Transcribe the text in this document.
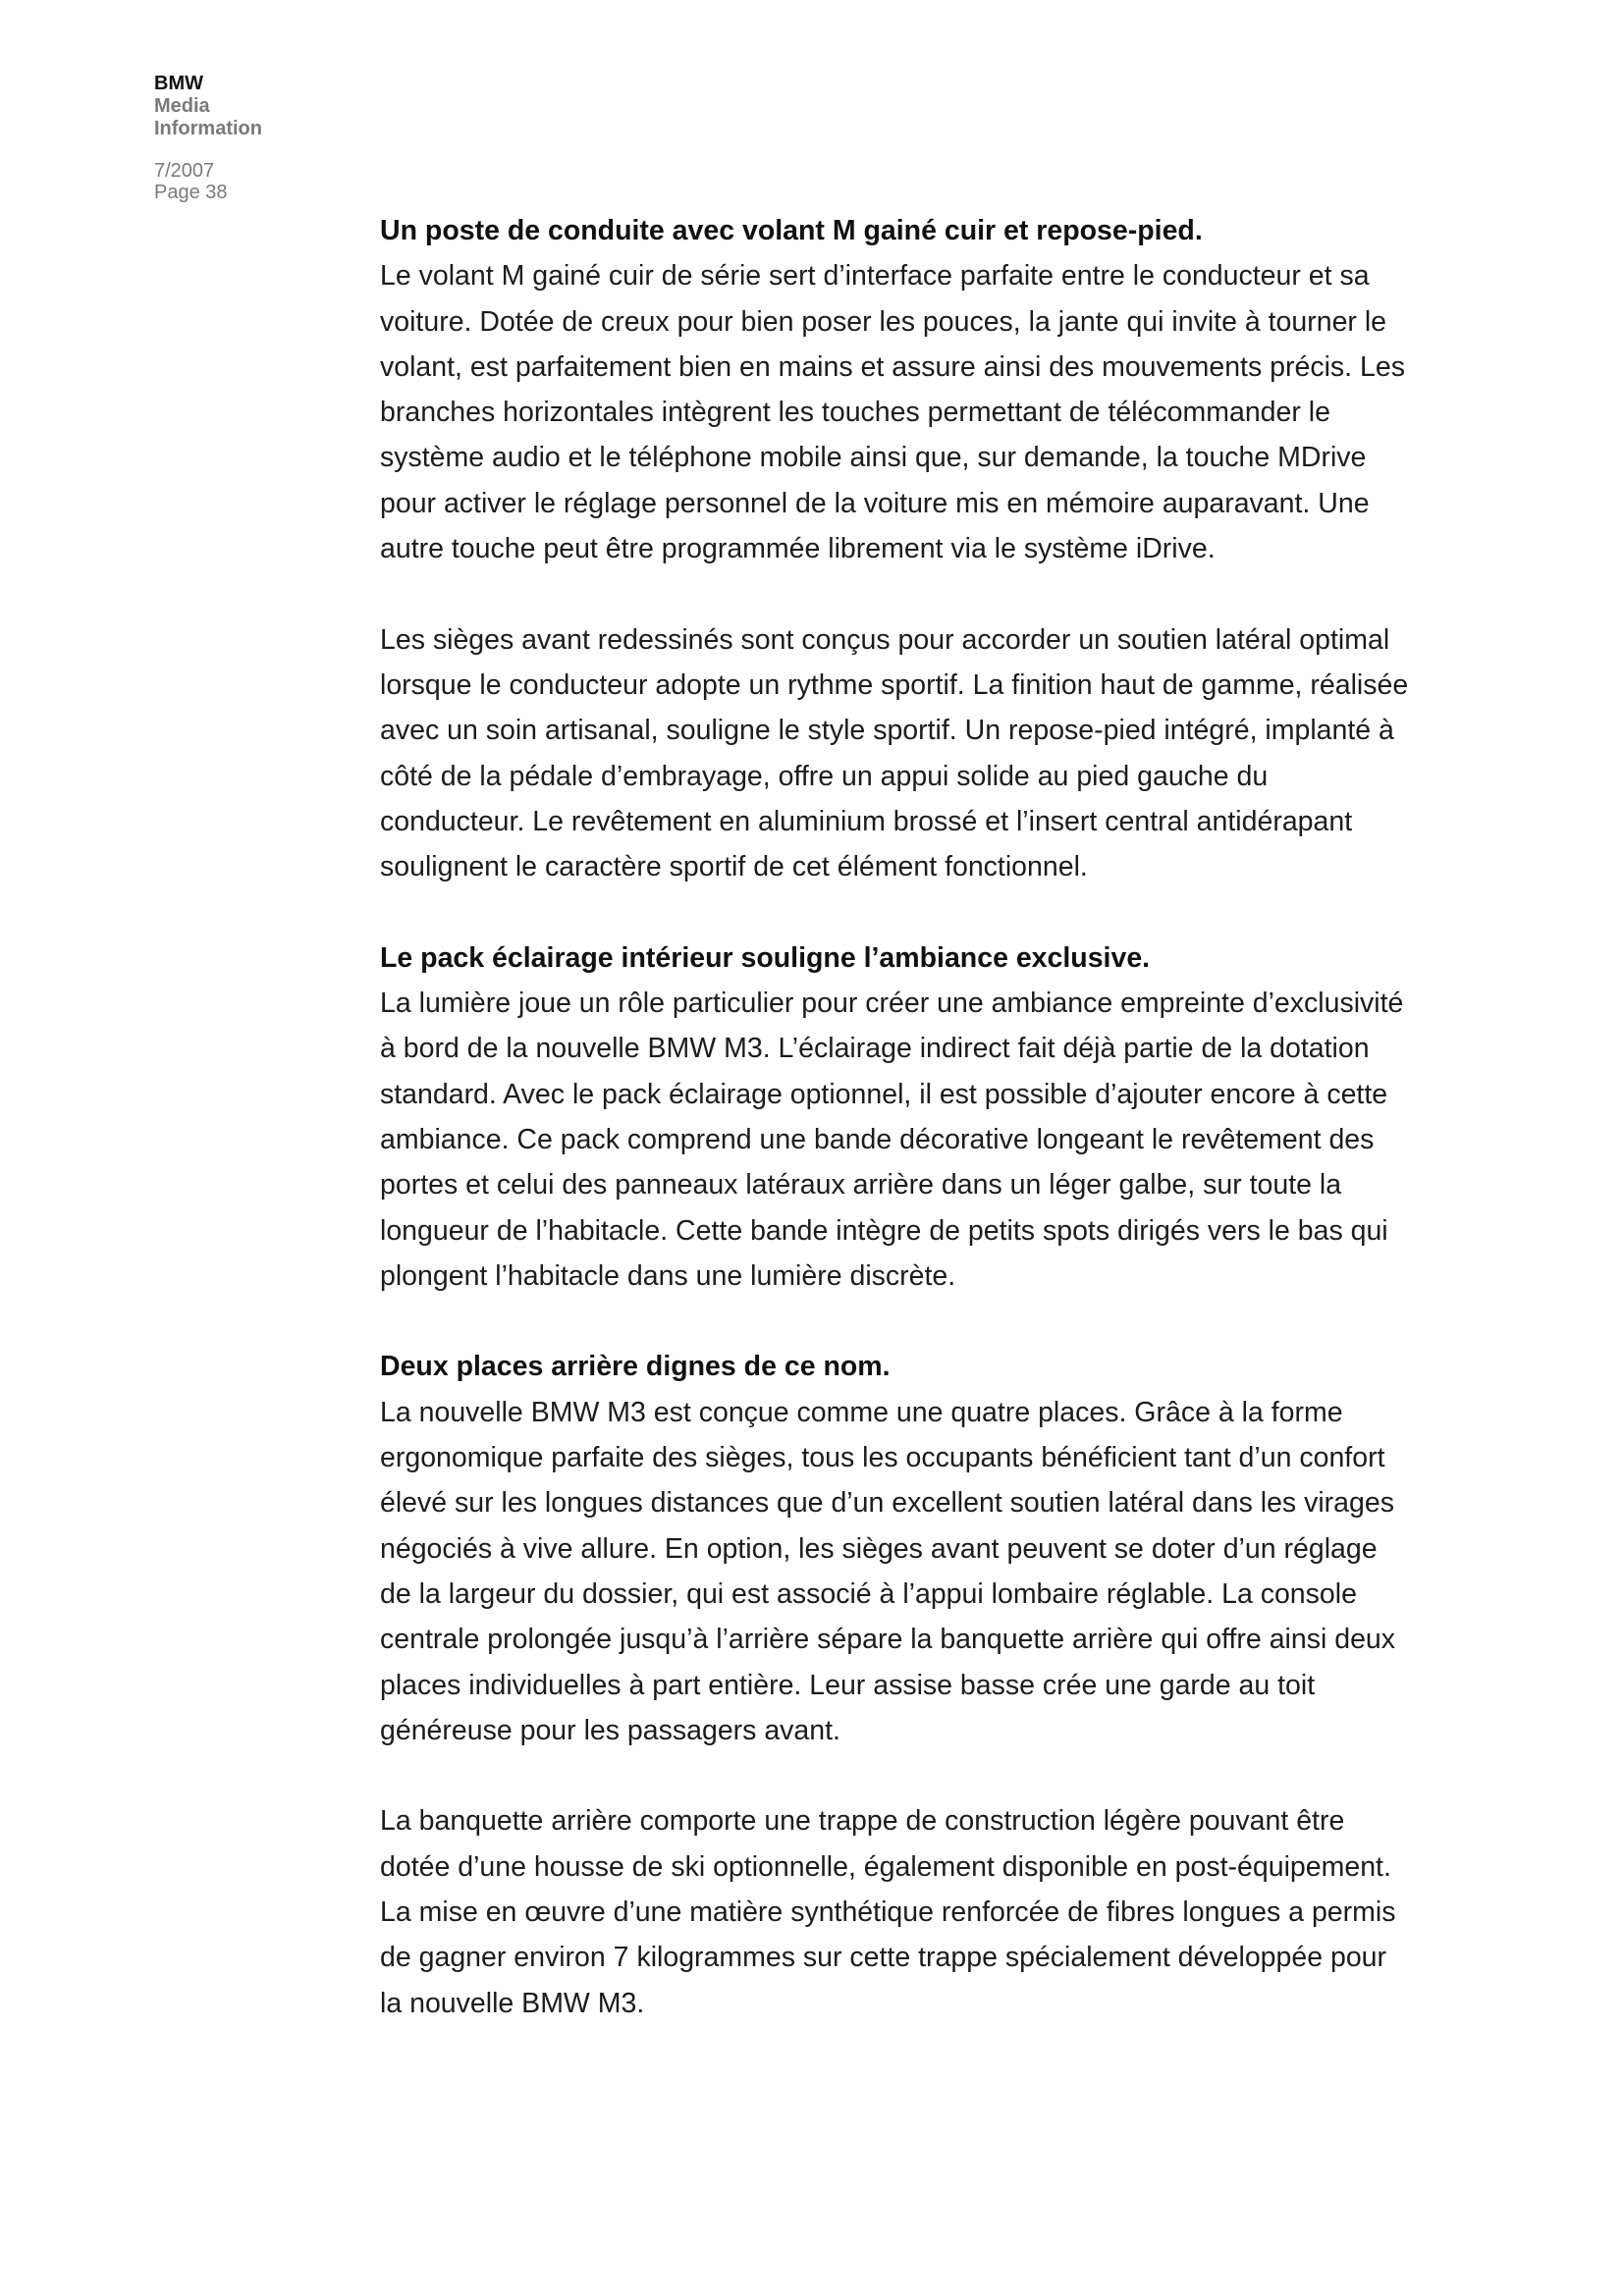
BMW
Media
Information
7/2007
Page 38
Un poste de conduite avec volant M gainé cuir et repose-pied.

Le volant M gainé cuir de série sert d’interface parfaite entre le conducteur et sa voiture. Dotée de creux pour bien poser les pouces, la jante qui invite à tourner le volant, est parfaitement bien en mains et assure ainsi des mouvements précis. Les branches horizontales intègrent les touches permettant de télécommander le système audio et le téléphone mobile ainsi que, sur demande, la touche MDrive pour activer le réglage personnel de la voiture mis en mémoire auparavant. Une autre touche peut être programmée librement via le système iDrive.

Les sièges avant redessinés sont conçus pour accorder un soutien latéral optimal lorsque le conducteur adopte un rythme sportif. La finition haut de gamme, réalisée avec un soin artisanal, souligne le style sportif. Un repose-pied intégré, implanté à côté de la pédale d’embrayage, offre un appui solide au pied gauche du conducteur. Le revêtement en aluminium brossé et l’insert central antidérapant soulignent le caractère sportif de cet élément fonctionnel.

Le pack éclairage intérieur souligne l’ambiance exclusive.

La lumière joue un rôle particulier pour créer une ambiance empreinte d’exclusivité à bord de la nouvelle BMW M3. L’éclairage indirect fait déjà partie de la dotation standard. Avec le pack éclairage optionnel, il est possible d’ajouter encore à cette ambiance. Ce pack comprend une bande décorative longeant le revêtement des portes et celui des panneaux latéraux arrière dans un léger galbe, sur toute la longueur de l’habitacle. Cette bande intègre de petits spots dirigés vers le bas qui plongent l’habitacle dans une lumière discrète.

Deux places arrière dignes de ce nom.

La nouvelle BMW M3 est conçue comme une quatre places. Grâce à la forme ergonomique parfaite des sièges, tous les occupants bénéficient tant d’un confort élevé sur les longues distances que d’un excellent soutien latéral dans les virages négociés à vive allure. En option, les sièges avant peuvent se doter d’un réglage de la largeur du dossier, qui est associé à l’appui lombaire réglable. La console centrale prolongée jusqu’à l’arrière sépare la banquette arrière qui offre ainsi deux places individuelles à part entière. Leur assise basse crée une garde au toit généreuse pour les passagers avant.

La banquette arrière comporte une trappe de construction légère pouvant être dotée d’une housse de ski optionnelle, également disponible en post-équipement. La mise en œuvre d’une matière synthétique renforcée de fibres longues a permis de gagner environ 7 kilogrammes sur cette trappe spécialement développée pour la nouvelle BMW M3.
